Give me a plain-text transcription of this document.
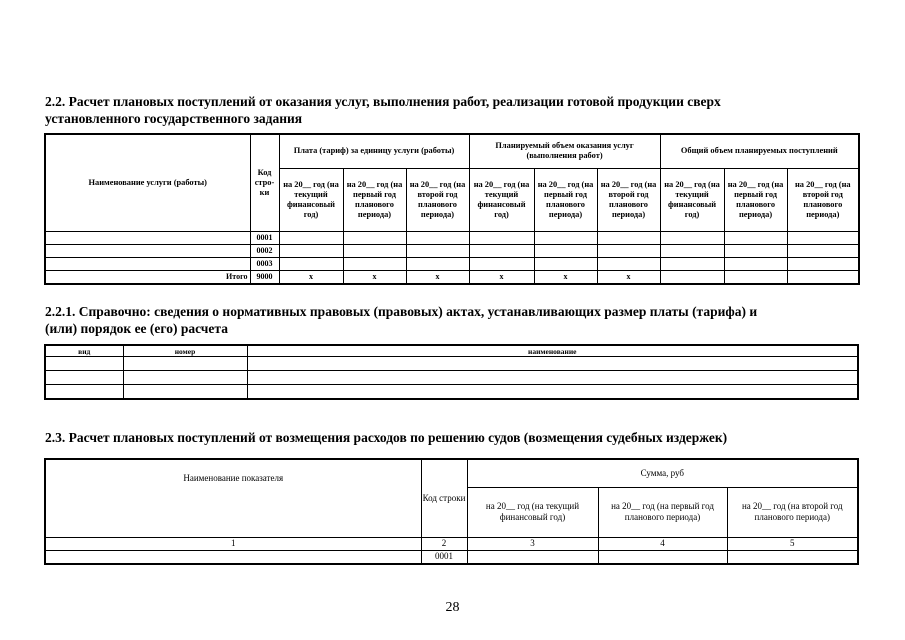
2.2. Расчет плановых поступлений от оказания услуг, выполнения работ, реализации готовой продукции сверх
установленного государственного задания
Наименование услуги (работы)	Код стро- ки	Плата (тариф) за единицу услуги (работы)			Планируемый объем оказания услуг (выполнения работ)			Общий объем планируемых поступлений		
		на 20__ год (на текущий финансовый год)	на 20__ год (на первый год планового периода)	на 20__ год (на второй год планового периода)	на 20__ год (на текущий финансовый год)	на 20__ год (на первый год планового периода)	на 20__ год (на второй год планового периода)	на 20__ год (на текущий финансовый год)	на 20__ год (на первый год планового периода)	на 20__ год (на второй год планового периода)
	0001									
	0002									
	0003									
Итого	9000	x	x	x	x	x	x			
2.2.1. Справочно: сведения о нормативных правовых (правовых) актах, устанавливающих размер платы (тарифа) и
(или) порядок ее (его) расчета
вид	номер	наименование

2.3. Расчет плановых поступлений от возмещения расходов по решению судов (возмещения судебных издержек)
Наименование показателя	Код строки	Сумма, руб		
		на 20__ год (на текущий финансовый год)	на 20__ год (на первый год планового периода)	на 20__ год (на второй год планового периода)
1	2	3	4	5
	0001			
28
